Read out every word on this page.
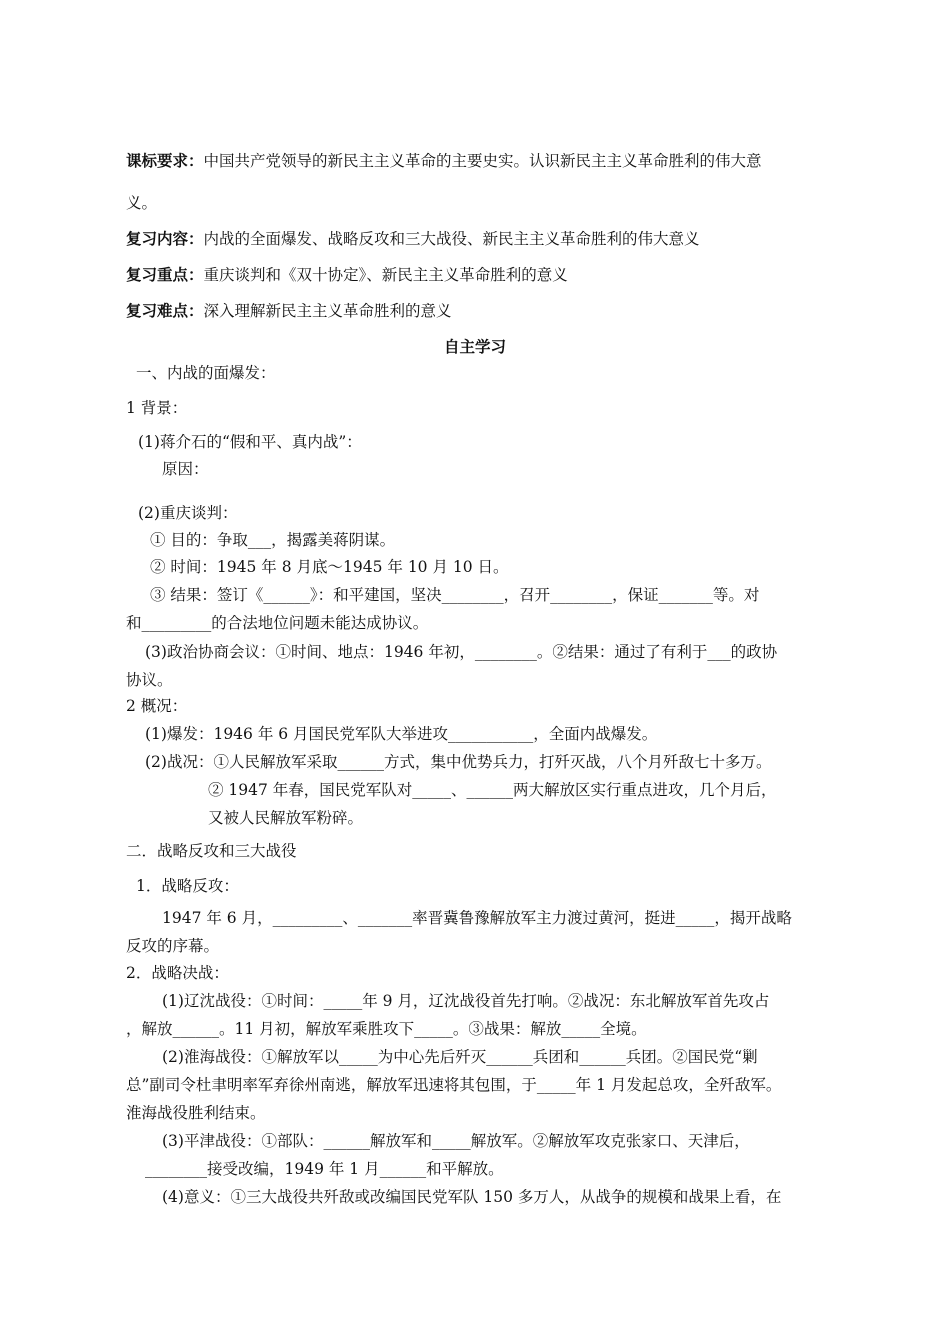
课标要求：中国共产党领导的新民主主义革命的主要史实。认识新民主主义革命胜利的伟大意
义。
复习内容：内战的全面爆发、战略反攻和三大战役、新民主主义革命胜利的伟大意义
复习重点：重庆谈判和《双十协定》、新民主主义革命胜利的意义
复习难点：深入理解新民主主义革命胜利的意义
自主学习
一、内战的面爆发：
1 背景：
(1)蒋介石的“假和平、真内战”：
原因：
(2)重庆谈判：
① 目的：争取___，揭露美蒋阴谋。
② 时间：1945 年 8 月底～1945 年 10 月 10 日。
③ 结果：签订《______》：和平建国，坚决________，召开________，保证_______等。对
和_________的合法地位问题未能达成协议。
(3)政治协商会议：①时间、地点：1946 年初，________。②结果：通过了有利于___的政协
协议。
2 概况：
(1)爆发：1946 年 6 月国民党军队大举进攻___________，全面内战爆发。
(2)战况：①人民解放军采取______方式，集中优势兵力，打歼灭战，八个月歼敌七十多万。
② 1947 年春，国民党军队对_____、______两大解放区实行重点进攻，几个月后，
又被人民解放军粉碎。
二．战略反攻和三大战役
1．战略反攻：
1947 年 6 月，_________、_______率晋冀鲁豫解放军主力渡过黄河，挺进_____，揭开战略
反攻的序幕。
2．战略决战：
(1)辽沈战役：①时间：_____年 9 月，辽沈战役首先打响。②战况：东北解放军首先攻占
，解放______。11 月初，解放军乘胜攻下_____。③战果：解放_____全境。
(2)淮海战役：①解放军以_____为中心先后歼灭______兵团和______兵团。②国民党“剿
总”副司令杜聿明率军弃徐州南逃，解放军迅速将其包围，于_____年 1 月发起总攻，全歼敌军。
淮海战役胜利结束。
(3)平津战役：①部队：______解放军和_____解放军。②解放军攻克张家口、天津后，
________接受改编，1949 年 1 月______和平解放。
(4)意义：①三大战役共歼敌或改编国民党军队 150 多万人，从战争的规模和战果上看，在
